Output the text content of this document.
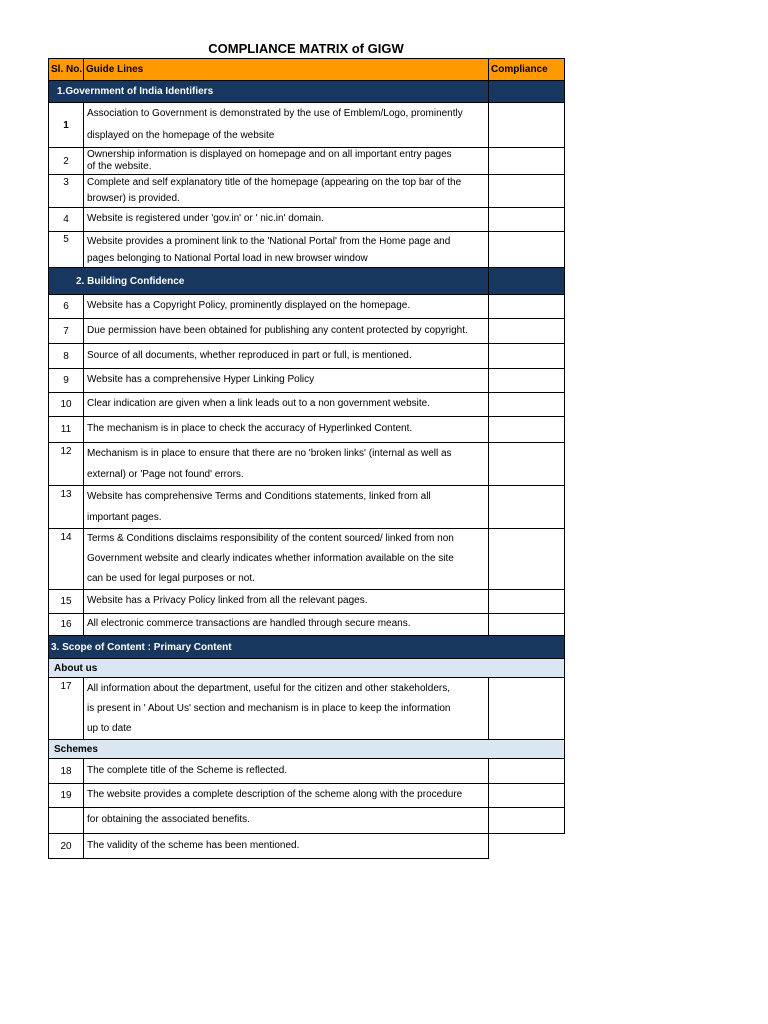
COMPLIANCE MATRIX of GIGW
Sl. No.	Guide Lines	Compliance
1.Government of India Identifiers		
1	Association to Government is demonstrated by the use of Emblem/Logo, prominently
displayed on the homepage of the website	

2	Ownership information is displayed on homepage and on all important entry pages
of the website.	

3	Complete and self explanatory title of the homepage (appearing on the top bar of the
browser) is provided.	

4	Website is registered under 'gov.in' or ' nic.in' domain.	

5	Website provides a prominent link to the 'National Portal' from the Home page and
pages belonging to National Portal load in new browser window	

2. Building Confidence		
6	Website has a Copyright Policy, prominently displayed on the homepage.	

7	Due permission have been obtained for publishing any content protected by copyright.	

8	Source of all documents, whether reproduced in part or full, is mentioned.	

9	Website has a comprehensive Hyper Linking Policy	

10	Clear indication are given when a link leads out to a non government website.	

11	The mechanism is in place to check the accuracy of Hyperlinked Content.	

12	Mechanism is in place to ensure that there are no 'broken links' (internal as well as
external) or 'Page not found' errors.	

13	Website has comprehensive Terms and Conditions statements, linked from all
important pages.	

14	Terms & Conditions disclaims responsibility of the content sourced/ linked from non
Government website and clearly indicates whether information available on the site
can be used for legal purposes or not.	

15	Website has a Privacy Policy linked from all the relevant pages.	

16	All electronic commerce transactions are handled through secure means.	

3. Scope of Content : Primary Content		
About us		
17	All information about the department, useful for the citizen and other stakeholders,
is present in ' About Us' section and mechanism is in place to keep the information
up to date	

Schemes		
18	The complete title of the Scheme is reflected.	

19	The website provides a complete description of the scheme along with the procedure	

	for obtaining the associated benefits.	

20	The validity of the scheme has been mentioned.	
